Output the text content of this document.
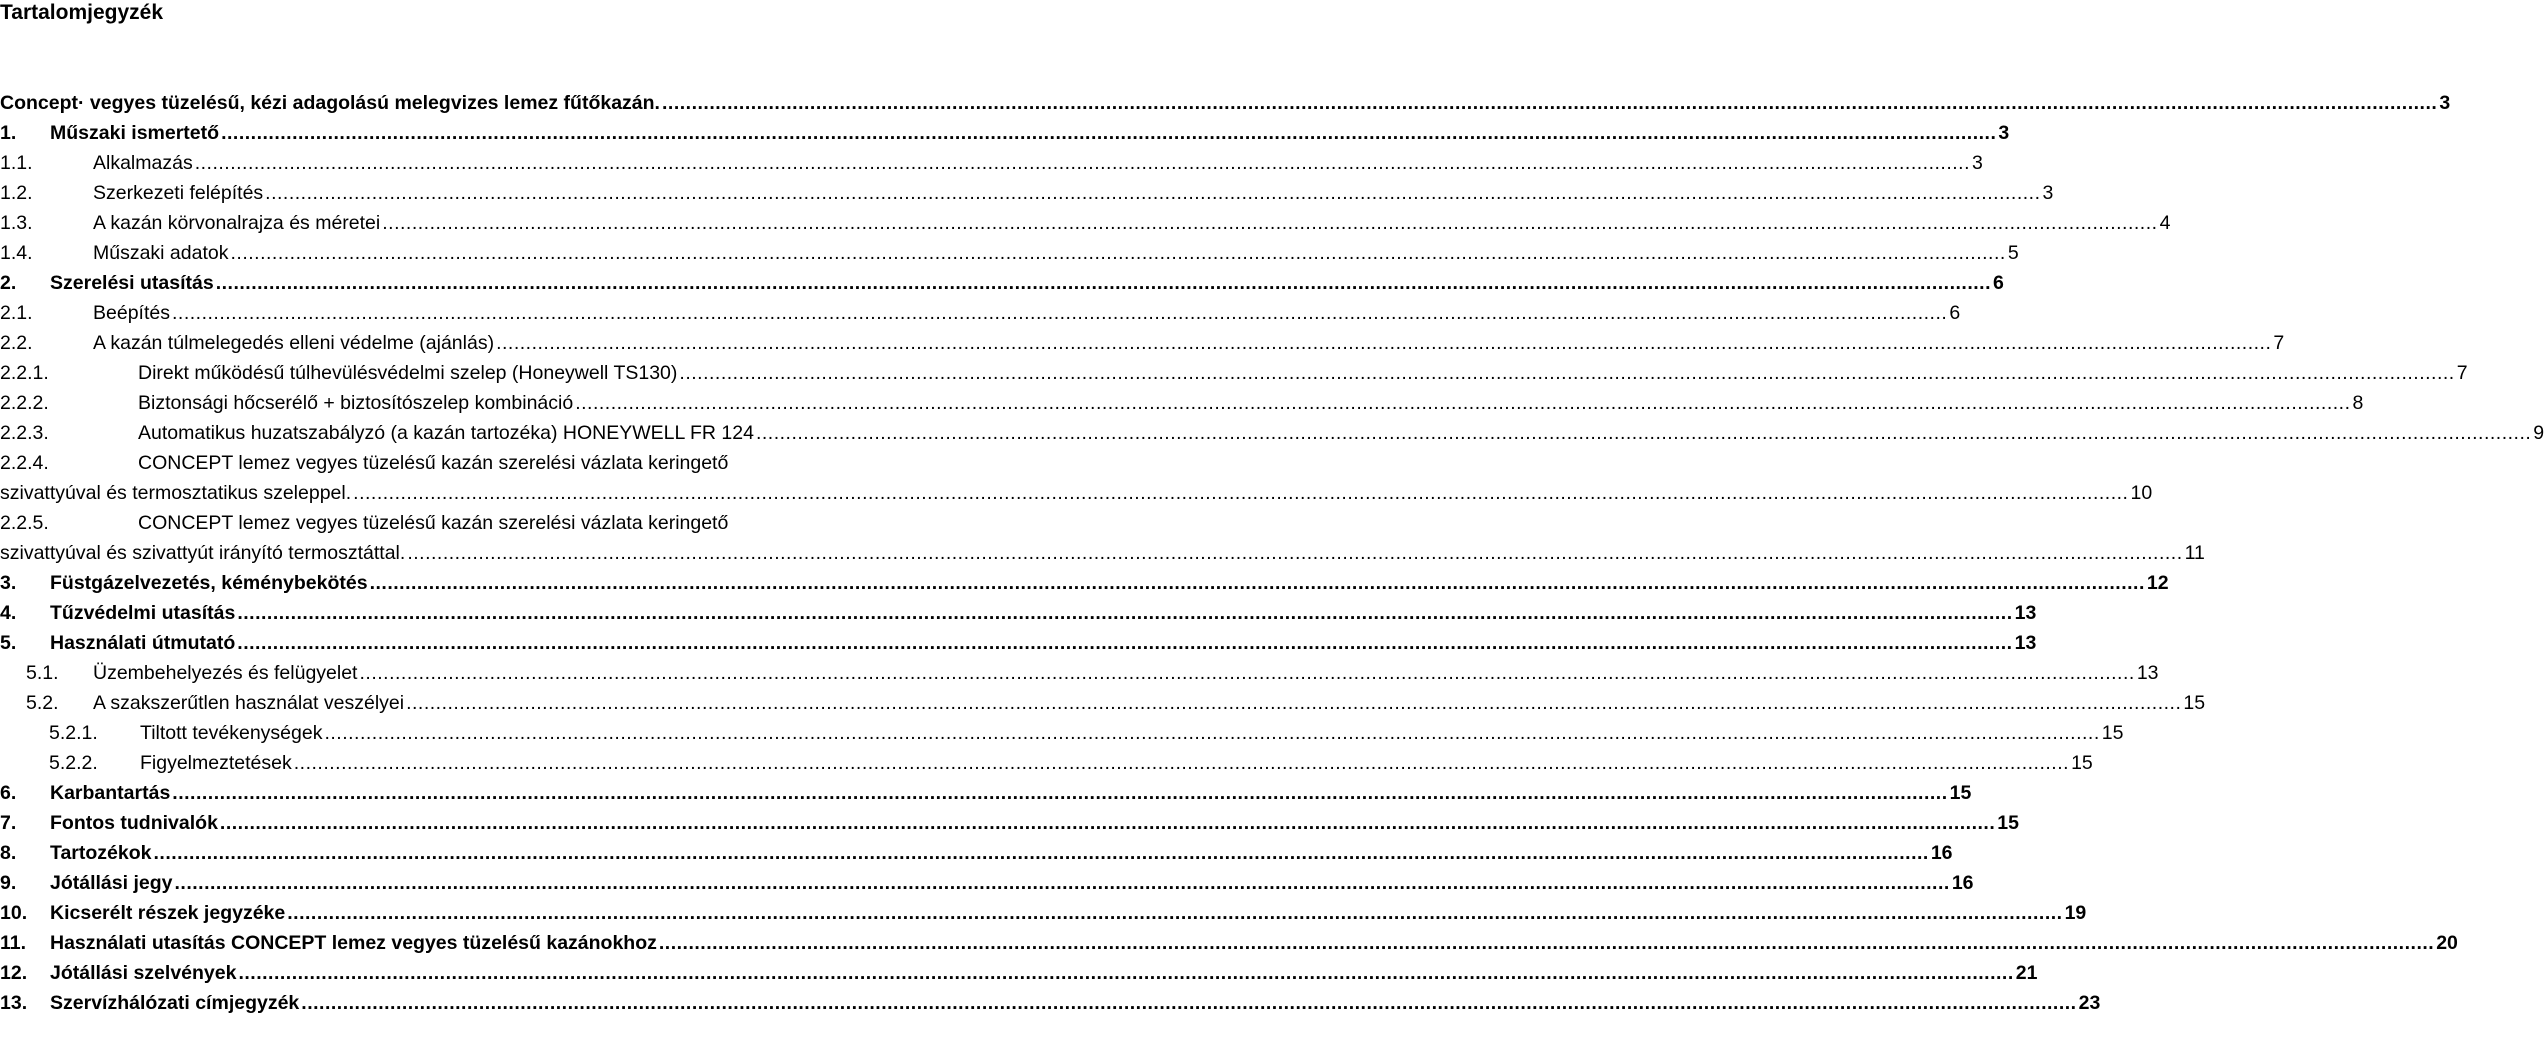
Tartalomjegyzék
Concept· vegyes tüzelésű, kézi adagolású melegvizes lemez fűtőkazán. ............................................................................................................................................................................................................................................................................................................ 3
1.	Műszaki ismertető ............................................................................................................................................................................................................................................................................................................ 3
1.1.	Alkalmazás ............................................................................................................................................................................................................................................................................................................ 3
1.2.	Szerkezeti felépítés ............................................................................................................................................................................................................................................................................................................ 3
1.3.	A kazán körvonalrajza és méretei ............................................................................................................................................................................................................................................................................................................ 4
1.4.	Műszaki adatok ............................................................................................................................................................................................................................................................................................................ 5
2.	Szerelési utasítás ............................................................................................................................................................................................................................................................................................................ 6
2.1.	Beépítés ............................................................................................................................................................................................................................................................................................................ 6
2.2.	A kazán túlmelegedés elleni védelme (ajánlás) ............................................................................................................................................................................................................................................................................................................ 7
2.2.1.	Direkt működésű túlhevülésvédelmi szelep (Honeywell TS130) ............................................................................................................................................................................................................................................................................................................ 7
2.2.2.	Biztonsági hőcserélő + biztosítószelep kombináció ............................................................................................................................................................................................................................................................................................................ 8
2.2.3.	Automatikus huzatszabályzó (a kazán tartozéka) HONEYWELL FR 124 ............................................................................................................................................................................................................................................................................................................ 9
2.2.4.	CONCEPT lemez vegyes tüzelésű kazán szerelési vázlata keringető
szivattyúval és termosztatikus szeleppel. ............................................................................................................................................................................................................................................................................................................ 10
2.2.5.	CONCEPT lemez vegyes tüzelésű kazán szerelési vázlata keringető
szivattyúval és szivattyút irányító termosztáttal. ............................................................................................................................................................................................................................................................................................................ 11
3.	Füstgázelvezetés, kéménybekötés ............................................................................................................................................................................................................................................................................................................ 12
4.	Tűzvédelmi utasítás ............................................................................................................................................................................................................................................................................................................ 13
5.	Használati útmutató ............................................................................................................................................................................................................................................................................................................ 13
5.1.	Üzembehelyezés és felügyelet ............................................................................................................................................................................................................................................................................................................ 13
5.2.	A szakszerűtlen használat veszélyei ............................................................................................................................................................................................................................................................................................................ 15
5.2.1.	Tiltott tevékenységek ............................................................................................................................................................................................................................................................................................................ 15
5.2.2.	Figyelmeztetések ............................................................................................................................................................................................................................................................................................................ 15
6.	Karbantartás ............................................................................................................................................................................................................................................................................................................ 15
7.	Fontos tudnivalók ............................................................................................................................................................................................................................................................................................................ 15
8.	Tartozékok ............................................................................................................................................................................................................................................................................................................ 16
9.	Jótállási jegy ............................................................................................................................................................................................................................................................................................................ 16
10.	Kicserélt részek jegyzéke ............................................................................................................................................................................................................................................................................................................ 19
11.	Használati utasítás CONCEPT lemez vegyes tüzelésű kazánokhoz ............................................................................................................................................................................................................................................................................................................ 20
12.	Jótállási szelvények ............................................................................................................................................................................................................................................................................................................ 21
13.	Szervízhálózati címjegyzék ............................................................................................................................................................................................................................................................................................................ 23
